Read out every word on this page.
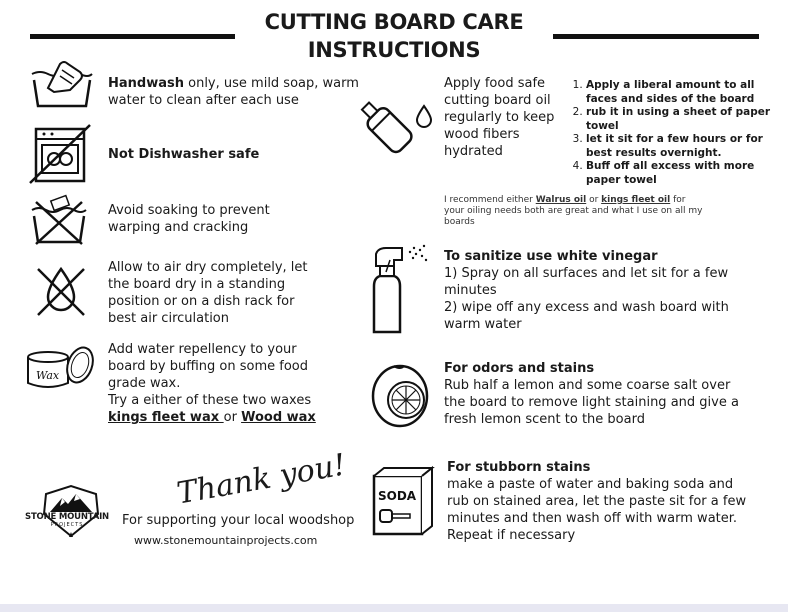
CUTTING BOARD CARE
INSTRUCTIONS
Handwash only, use mild soap, warm water to clean after each use
Not Dishwasher safe
Avoid soaking to prevent warping and cracking
Allow to air dry completely, let the board dry in a standing position or on a dish rack for best air circulation
Wax
Add water repellency to your board by buffing on some food grade wax.
Try a either of these two waxes
kings fleet wax or Wood wax
Apply food safe cutting board oil regularly to keep wood fibers hydrated
1. Apply a liberal amount to all faces and sides of the board
2. rub it in using a sheet of paper towel
3. let it sit for a few hours or for best results overnight.
4. Buff off all excess with more paper towel
I recommend either Walrus oil or kings fleet oil for your oiling needs both are great and what I use on all my boards
To sanitize use white vinegar
1) Spray on all surfaces and let sit for a few minutes
2) wipe off any excess and wash board with warm water
For odors and stains
Rub half a lemon and some coarse salt over the board to remove light staining and give a fresh lemon scent to the board
SODA
For stubborn stains
make a paste of water and baking soda and rub on stained area, let the paste sit for a few minutes and then wash off with warm water. Repeat if necessary
STONE MOUNTAIN
PROJECTS
Thank you!
For supporting your local woodshop
www.stonemountainprojects.com
